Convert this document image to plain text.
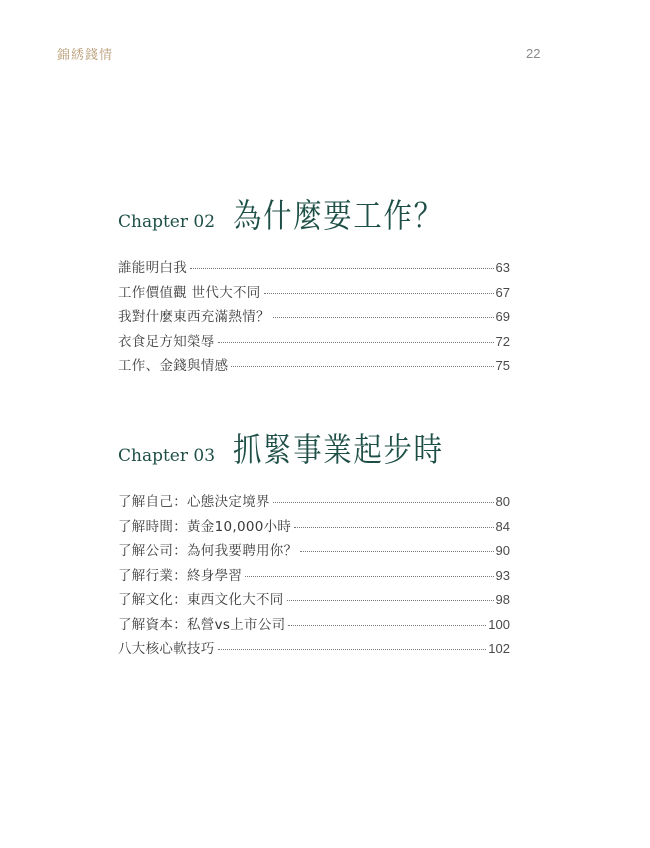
錦綉錢情	22
Chapter 02 為什麼要工作？
誰能明白我	63
工作價值觀 世代大不同	67
我對什麼東西充滿熱情？	69
衣食足方知榮辱	72
工作、金錢與情感	75
Chapter 03 抓緊事業起步時
了解自己：心態決定境界	80
了解時間：黃金10,000小時	84
了解公司：為何我要聘用你？	90
了解行業：終身學習	93
了解文化：東西文化大不同	98
了解資本：私營vs上市公司	100
八大核心軟技巧	102
